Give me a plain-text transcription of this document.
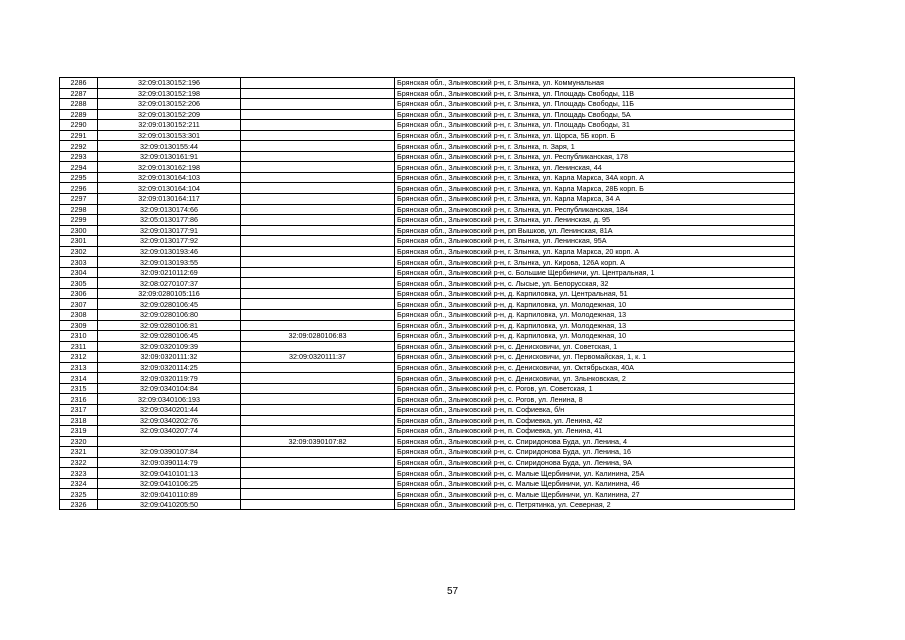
2286	32:09:0130152:196		Брянская обл., Злынковский р-н, г. Злынка, ул. Коммунальная
2287	32:09:0130152:198		Брянская обл., Злынковский р-н, г. Злынка, ул. Площадь Свободы, 11В
2288	32:09:0130152:206		Брянская обл., Злынковский р-н, г. Злынка, ул. Площадь Свободы, 11Б
2289	32:09:0130152:209		Брянская обл., Злынковский р-н, г. Злынка, ул. Площадь Свободы, 5А
2290	32:09:0130152:211		Брянская обл., Злынковский р-н, г. Злынка, ул. Площадь Свободы, 31
2291	32:09:0130153:301		Брянская обл., Злынковский р-н, г. Злынка, ул. Щорса, 5Б корп. Б
2292	32:09:0130155:44		Брянская обл., Злынковский р-н, г. Злынка, п. Заря, 1
2293	32:09:0130161:91		Брянская обл., Злынковский р-н, г. Злынка, ул. Республиканская, 178
2294	32:09:0130162:198		Брянская обл., Злынковский р-н, г. Злынка, ул. Ленинская, 44
2295	32:09:0130164:103		Брянская обл., Злынковский р-н, г. Злынка, ул. Карла Маркса, 34А корп. А
2296	32:09:0130164:104		Брянская обл., Злынковский р-н, г. Злынка, ул. Карла Маркса, 28Б корп. Б
2297	32:09:0130164:117		Брянская обл., Злынковский р-н, г. Злынка, ул. Карла Маркса, 34 А
2298	32:09:0130174:66		Брянская обл., Злынковский р-н, г. Злынка, ул. Республиканская, 184
2299	32:05:0130177:86		Брянская обл., Злынковский р-н, г. Злынка, ул. Ленинская, д. 95
2300	32:09:0130177:91		Брянская обл., Злынковский р-н, рп Вышков, ул. Ленинская, 81А
2301	32:09:0130177:92		Брянская обл., Злынковский р-н, г. Злынка, ул. Ленинская, 95А
2302	32:09:0130193:46		Брянская обл., Злынковский р-н, г. Злынка, ул. Карла Маркса, 20 корп. А
2303	32:09:0130193:55		Брянская обл., Злынковский р-н, г. Злынка, ул. Кирова, 126А корп. А
2304	32:09:0210112:69		Брянская обл., Злынковский р-н, с. Большие Щербиничи, ул. Центральная, 1
2305	32:08:0270107:37		Брянская обл., Злынковский р-н, с. Лысые, ул. Белорусская, 32
2306	32:09:0280105:116		Брянская обл., Злынковский р-н, д. Карпиловка, ул. Центральная, 51
2307	32:09:0280106:45		Брянская обл., Злынковский р-н, д. Карпиловка, ул. Молодежная, 10
2308	32:09:0280106:80		Брянская обл., Злынковский р-н, д. Карпиловка, ул. Молодежная, 13
2309	32:09:0280106:81		Брянская обл., Злынковский р-н, д. Карпиловка, ул. Молодежная, 13
2310	32:09:0280106:45	32:09:0280106:83	Брянская обл., Злынковский р-н, д. Карпиловка, ул. Молодежная, 10
2311	32:09:0320109:39		Брянская обл., Злынковский р-н, с. Денисковичи, ул. Советская, 1
2312	32:09:0320111:32	32:09:0320111:37	Брянская обл., Злынковский р-н, с. Денисковичи, ул. Первомайская, 1, к. 1
2313	32:09:0320114:25		Брянская обл., Злынковский р-н, с. Денисковичи, ул. Октябрьская, 40А
2314	32:09:0320119:79		Брянская обл., Злынковский р-н, с. Денисковичи, ул. Злынковская, 2
2315	32:09:0340104:84		Брянская обл., Злынковский р-н, с. Рогов, ул. Советская, 1
2316	32:09:0340106:193		Брянская обл., Злынковский р-н, с. Рогов, ул. Ленина, 8
2317	32:09:0340201:44		Брянская обл., Злынковский р-н, п. Софиевка, б/н
2318	32:09:0340202:76		Брянская обл., Злынковский р-н, п. Софиевка, ул. Ленина, 42
2319	32:09:0340207:74		Брянская обл., Злынковский р-н, п. Софиевка, ул. Ленина, 41
2320		32:09:0390107:82	Брянская обл., Злынковский р-н, с. Спиридонова Буда, ул. Ленина, 4
2321	32:09:0390107:84		Брянская обл., Злынковский р-н, с. Спиридонова Буда, ул. Ленина, 16
2322	32:09:0390114:79		Брянская обл., Злынковский р-н, с. Спиридонова Буда, ул. Ленина, 9А
2323	32:09:0410101:13		Брянская обл., Злынковский р-н, с. Малые Щербиничи, ул. Калинина, 25А
2324	32:09:0410106:25		Брянская обл., Злынковский р-н, с. Малые Щербиничи, ул. Калинина, 46
2325	32:09:0410110:89		Брянская обл., Злынковский р-н, с. Малые Щербиничи, ул. Калинина, 27
2326	32:09:0410205:50		Брянская обл., Злынковский р-н, с. Петрятинка, ул. Северная, 2
57
